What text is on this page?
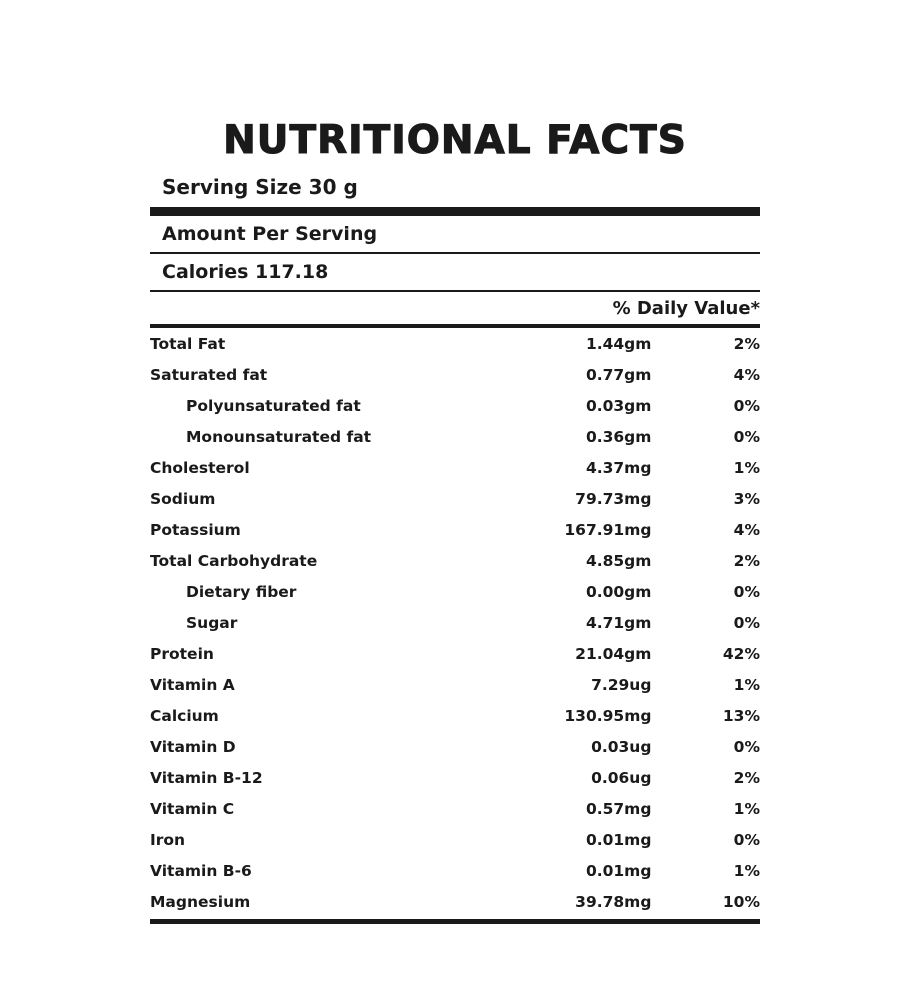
NUTRITIONAL FACTS
Serving Size 30 g
Amount Per Serving
Calories 117.18
% Daily Value*
Total Fat	1.44gm	2%
Saturated fat	0.77gm	4%
Polyunsaturated fat	0.03gm	0%
Monounsaturated fat	0.36gm	0%
Cholesterol	4.37mg	1%
Sodium	79.73mg	3%
Potassium	167.91mg	4%
Total Carbohydrate	4.85gm	2%
Dietary fiber	0.00gm	0%
Sugar	4.71gm	0%
Protein	21.04gm	42%
Vitamin A	7.29ug	1%
Calcium	130.95mg	13%
Vitamin D	0.03ug	0%
Vitamin B-12	0.06ug	2%
Vitamin C	0.57mg	1%
Iron	0.01mg	0%
Vitamin B-6	0.01mg	1%
Magnesium	39.78mg	10%
